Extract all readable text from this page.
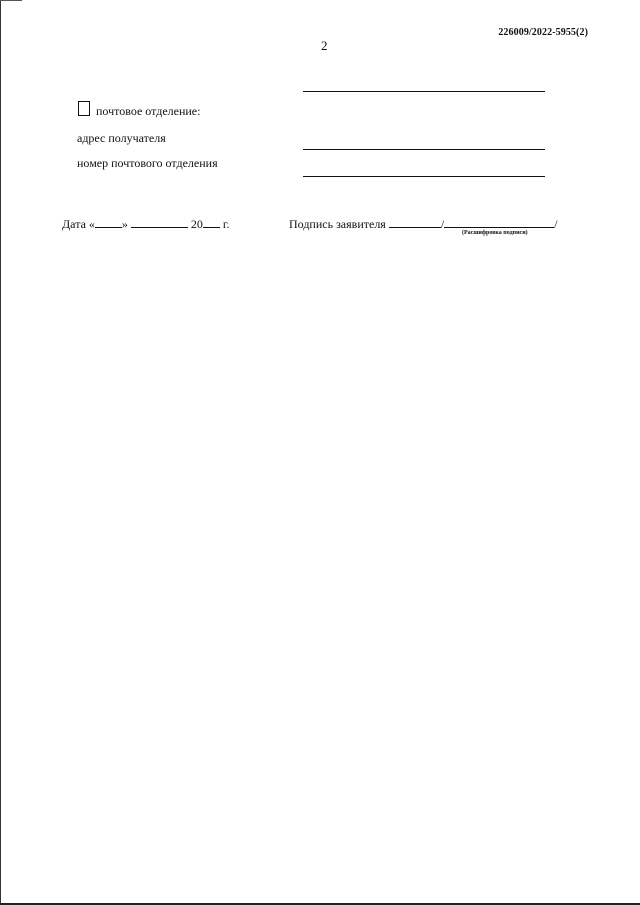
226009/2022-5955(2)
2
почтовое отделение:
адрес получателя
номер почтового отделения
Дата « »	20 г.	Подпись заявителя	/	/
(Расшифровка подписи)
